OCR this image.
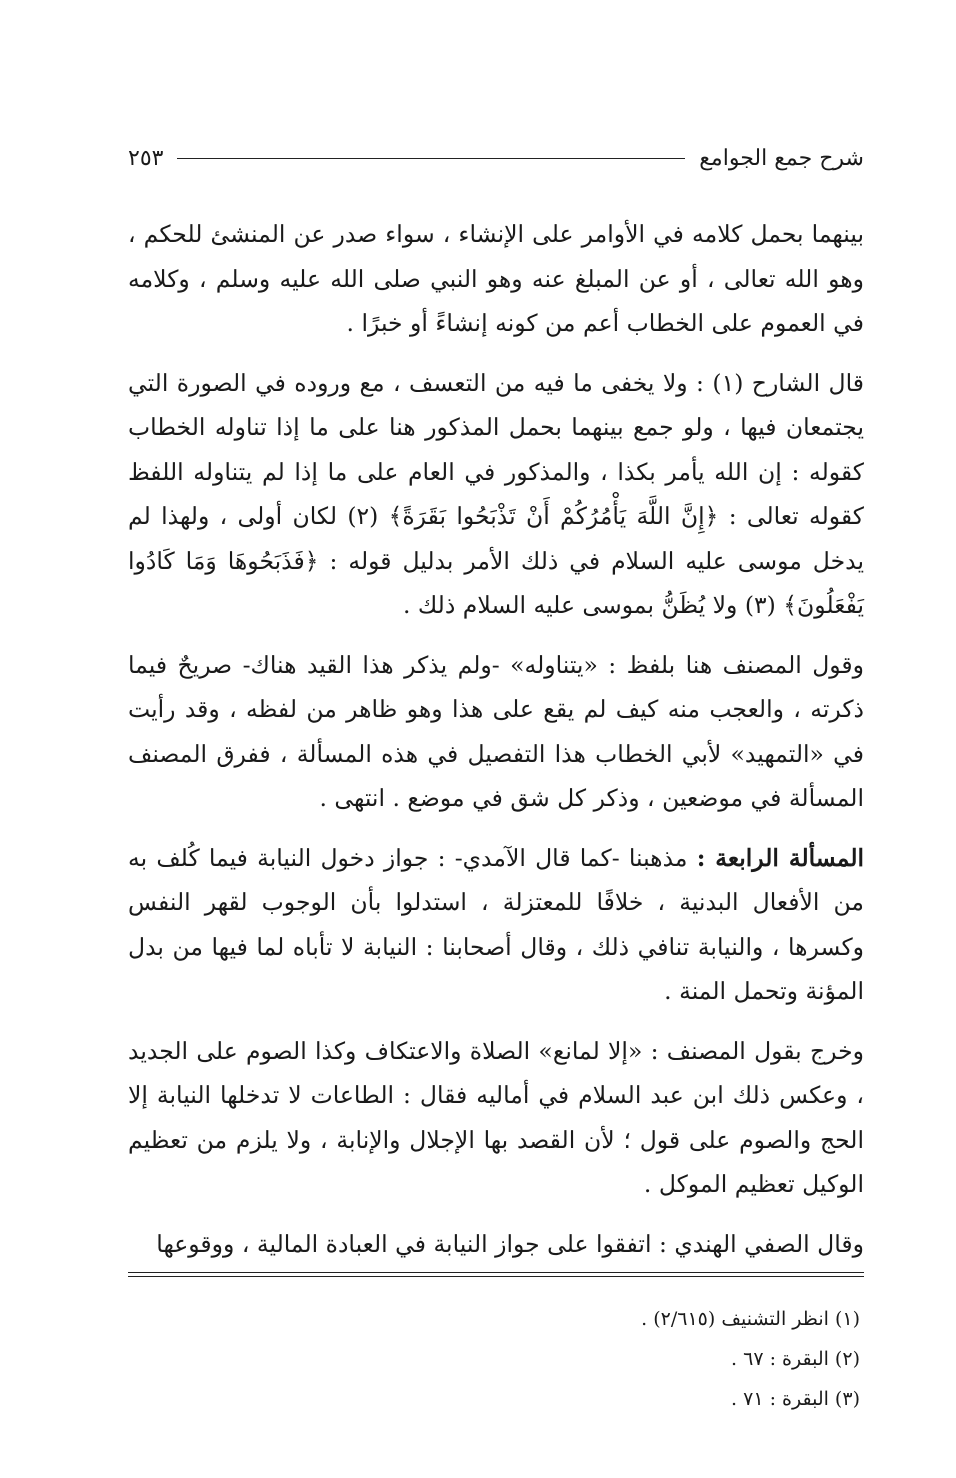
شرح جمع الجوامع
٢٥٣

بينهما بحمل كلامه في الأوامر على الإنشاء ، سواء صدر عن المنشئ للحكم ، وهو الله تعالى ، أو عن المبلغ عنه وهو النبي صلى الله عليه وسلم ، وكلامه في العموم على الخطاب أعم من كونه إنشاءً أو خبرًا .

قال الشارح (١) : ولا يخفى ما فيه من التعسف ، مع وروده في الصورة التي يجتمعان فيها ، ولو جمع بينهما بحمل المذكور هنا على ما إذا تناوله الخطاب كقوله : إن الله يأمر بكذا ، والمذكور في العام على ما إذا لم يتناوله اللفظ كقوله تعالى : ﴿إِنَّ اللَّهَ يَأْمُرُكُمْ أَنْ تَذْبَحُوا بَقَرَةً﴾ (٢) لكان أولى ، ولهذا لم يدخل موسى عليه السلام في ذلك الأمر بدليل قوله : ﴿فَذَبَحُوهَا وَمَا كَادُوا يَفْعَلُونَ﴾ (٣) ولا يُظَنُّ بموسى عليه السلام ذلك .

وقول المصنف هنا بلفظ : «يتناوله» -ولم يذكر هذا القيد هناك- صريحٌ فيما ذكرته ، والعجب منه كيف لم يقع على هذا وهو ظاهر من لفظه ، وقد رأيت في «التمهيد» لأبي الخطاب هذا التفصيل في هذه المسألة ، ففرق المصنف المسألة في موضعين ، وذكر كل شق في موضع . انتهى .

المسألة الرابعة : مذهبنا -كما قال الآمدي- : جواز دخول النيابة فيما كُلف به من الأفعال البدنية ، خلافًا للمعتزلة ، استدلوا بأن الوجوب لقهر النفس وكسرها ، والنيابة تنافي ذلك ، وقال أصحابنا : النيابة لا تأباه لما فيها من بدل المؤنة وتحمل المنة .

وخرج بقول المصنف : «إلا لمانع» الصلاة والاعتكاف وكذا الصوم على الجديد ، وعكس ذلك ابن عبد السلام في أماليه فقال : الطاعات لا تدخلها النيابة إلا الحج والصوم على قول ؛ لأن القصد بها الإجلال والإنابة ، ولا يلزم من تعظيم الوكيل تعظيم الموكل .

وقال الصفي الهندي : اتفقوا على جواز النيابة في العبادة المالية ، ووقوعها

(١) انظر التشنيف (٢/٦١٥) .
(٢) البقرة : ٦٧ .
(٣) البقرة : ٧١ .
